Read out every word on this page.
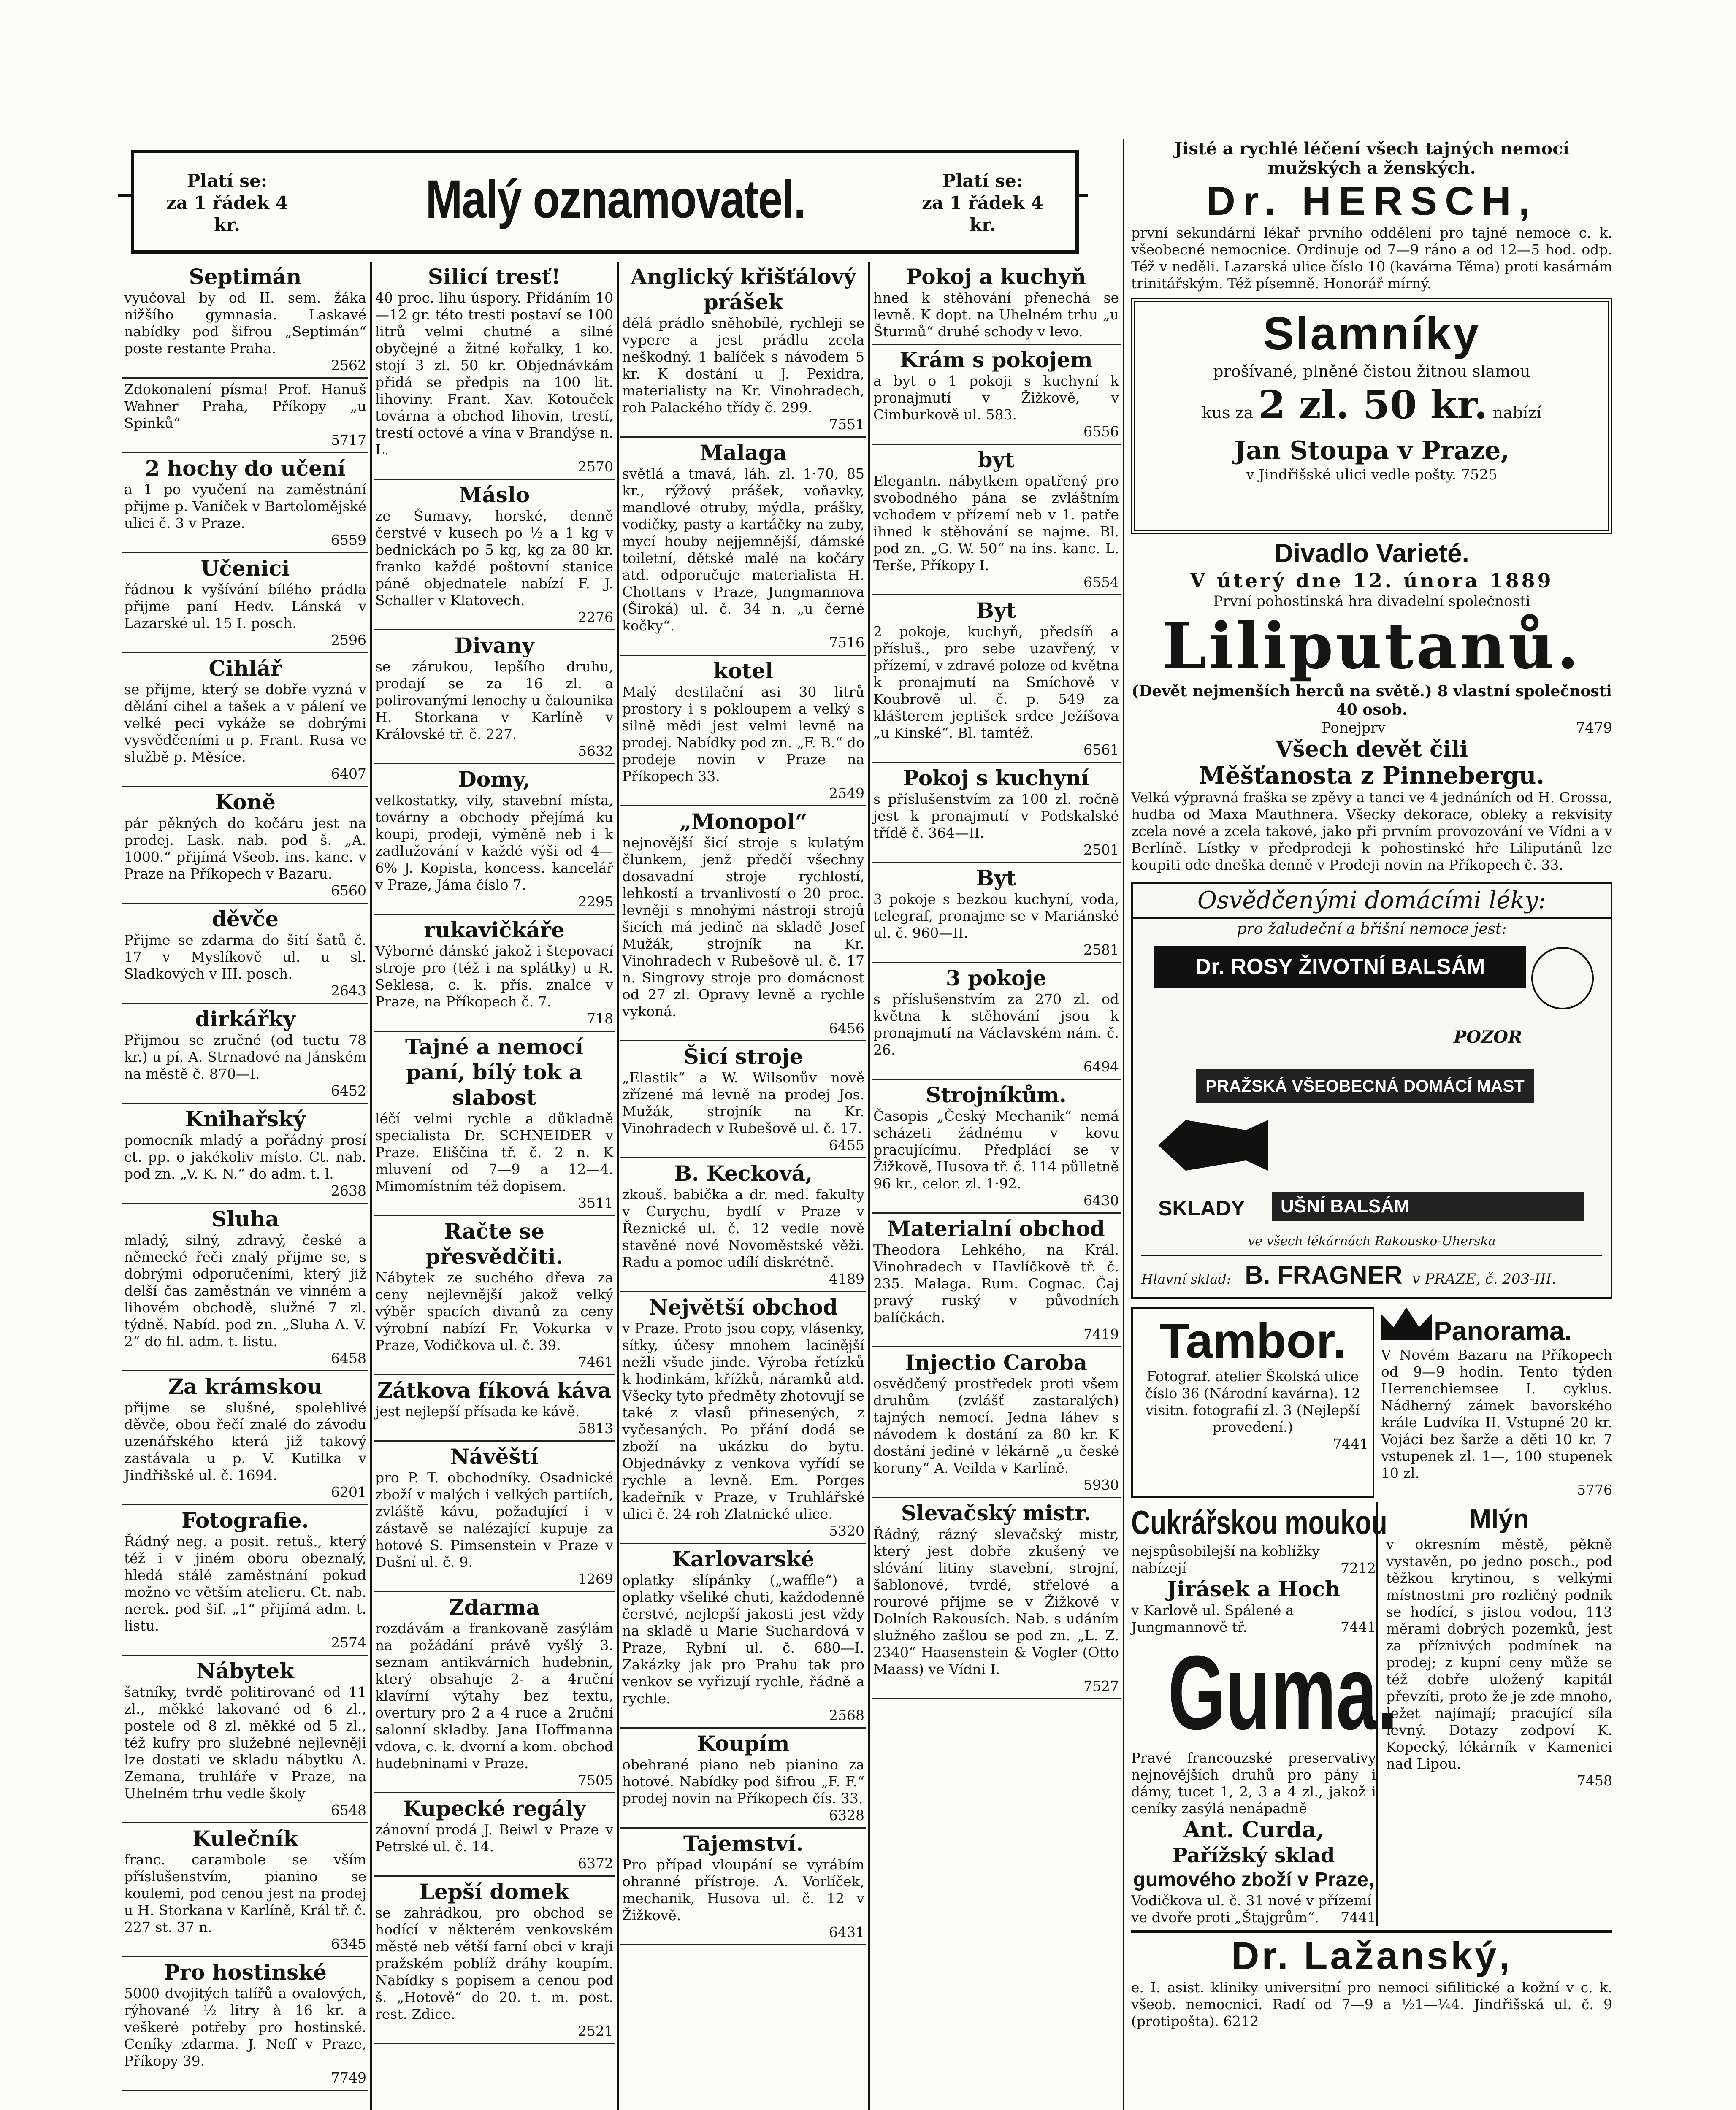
Platí se:
za 1 řádek 4 kr.	Malý oznamovatel.	Platí se:
za 1 řádek 4 kr.
Septimán

vyučoval by od II. sem. žáka nižšího gymnasia. Laskavé nabídky pod šifrou „Septimán“ poste restante Praha.

2562

Zdokonalení písma! Prof. Hanuš Wahner Praha, Příkopy „u Spinků“

5717
2 hochy do učení

a 1 po vyučení na zaměstnání přijme p. Vaníček v Bartolomějské ulici č. 3 v Praze.

6559
Učenici

řádnou k vyšívání bílého prádla přijme paní Hedv. Lánská v Lazarské ul. 15 I. posch.

2596
Cihlář

se přijme, který se dobře vyzná v dělání cihel a tašek a v pálení ve velké peci vykáže se dobrými vysvědčeními u p. Frant. Rusa ve službě p. Měsíce.

6407
Koně

pár pěkných do kočáru jest na prodej. Lask. nab. pod š. „A. 1000.“ přijímá Všeob. ins. kanc. v Praze na Příkopech v Bazaru.

6560
děvče

Přijme se zdarma do šití šatů č. 17 v Myslíkově ul. u sl. Sladkových v III. posch.

2643
dirkářky

Přijmou se zručné (od tuctu 78 kr.) u pí. A. Strnadové na Jánském na městě č. 870—I.

6452
Knihařský

pomocník mladý a pořádný prosí ct. pp. o jakékoliv místo. Ct. nab. pod zn. „V. K. N.“ do adm. t. l.

2638
Sluha

mladý, silný, zdravý, české a německé řeči znalý přijme se, s dobrými odporučeními, který již delší čas zaměstnán ve vinném a lihovém obchodě, služné 7 zl. týdně. Nabíd. pod zn. „Sluha A. V. 2“ do fil. adm. t. listu.

6458
Za krámskou

přijme se slušné, spolehlivé děvče, obou řečí znalé do závodu uzenářského která již takový zastávala u p. V. Kutilka v Jindřišské ul. č. 1694.

6201
Fotografie.

Řádný neg. a posit. retuš., který též i v jiném oboru obeznalý, hledá stálé zaměstnání pokud možno ve větším atelieru. Ct. nab. nerek. pod šif. „1“ přijímá adm. t. listu.

2574
Nábytek

šatníky, tvrdě politirované od 11 zl., měkké lakované od 6 zl., postele od 8 zl. měkké od 5 zl., též kufry pro služebné nejlevněji lze dostati ve skladu nábytku A. Zemana, truhláře v Praze, na Uhelném trhu vedle školy

6548
Kulečník

franc. carambole se vším příslušenstvím, pianino se koulemi, pod cenou jest na prodej u H. Storkana v Karlíně, Král tř. č. 227 st. 37 n.

6345
Pro hostinské

5000 dvojitých talířů a ovalových, rýhované ½ litry à 16 kr. a veškeré potřeby pro hostinské. Ceníky zdarma. J. Neff v Praze, Příkopy 39.

7749
Silicí tresť!

40 proc. lihu úspory. Přidáním 10—12 gr. této tresti postaví se 100 litrů velmi chutné a silné obyčejné a žitné kořalky, 1 ko. stojí 3 zl. 50 kr. Objednávkám přidá se předpis na 100 lit. lihoviny. Frant. Xav. Kotouček továrna a obchod lihovin, trestí, trestí octové a vína v Brandýse n. L.

2570
Máslo

ze Šumavy, horské, denně čerstvé v kusech po ½ a 1 kg v bednickách po 5 kg, kg za 80 kr. franko každé poštovní stanice páně objednatele nabízí F. J. Schaller v Klatovech.

2276
Divany

se zárukou, lepšího druhu, prodají se za 16 zl. a polirovanými lenochy u čalounika H. Storkana v Karlíně v Královské tř. č. 227.

5632
Domy,

velkostatky, vily, stavební místa, továrny a obchody přejímá ku koupi, prodeji, výměně neb i k zadlužování v každé výši od 4—6% J. Kopista, koncess. kancelář v Praze, Jáma číslo 7.

2295
rukavičkáře

Výborné dánské jakož i štepovací stroje pro (též i na splátky) u R. Seklesa, c. k. přís. znalce v Praze, na Příkopech č. 7.

718
Tajné a nemocí paní, bílý tok a slabost

léčí velmi rychle a důkladně specialista Dr. SCHNEIDER v Praze. Eliščina tř. č. 2 n. K mluvení od 7—9 a 12—4. Mimomístním též dopisem.

3511
Račte se přesvědčiti.

Nábytek ze suchého dřeva za ceny nejlevnější jakož velký výběr spacích divanů za ceny výrobní nabízí Fr. Vokurka v Praze, Vodičkova ul. č. 39.

7461
Zátkova fíková káva

jest nejlepší přísada ke kávě.

5813
Návěští

pro P. T. obchodníky. Osadnické zboží v malých i velkých partiích, zvláště kávu, požadující i v zástavě se nalézající kupuje za hotové S. Pimsenstein v Praze v Dušní ul. č. 9.

1269
Zdarma

rozdávám a frankovaně zasýlám na požádání právě vyšlý 3. seznam antikvárních hudebnin, který obsahuje 2- a 4ruční klavírní výtahy bez textu, overtury pro 2 a 4 ruce a 2ruční salonní skladby. Jana Hoffmanna vdova, c. k. dvorní a kom. obchod hudebninami v Praze.

7505
Kupecké regály

zánovní prodá J. Beiwl v Praze v Petrské ul. č. 14.

6372
Lepší domek

se zahrádkou, pro obchod se hodící v některém venkovském městě neb větší farní obci v kraji pražském poblíž dráhy koupím. Nabídky s popisem a cenou pod š. „Hotově“ do 20. t. m. post. rest. Zdice.

2521
Anglický křišťálový prášek

dělá prádlo sněhobílé, rychleji se vypere a jest prádlu zcela neškodný. 1 balíček s návodem 5 kr. K dostání u J. Pexidra, materialisty na Kr. Vinohradech, roh Palackého třídy č. 299.

7551
Malaga

světlá a tmavá, láh. zl. 1·70, 85 kr., rýžový prášek, voňavky, mandlové otruby, mýdla, prášky, vodičky, pasty a kartáčky na zuby, mycí houby nejjemnější, dámské toiletní, dětské malé na kočáry atd. odporučuje materialista H. Chottans v Praze, Jungmannova (Široká) ul. č. 34 n. „u černé kočky“.

7516
kotel

Malý destilační asi 30 litrů prostory i s pokloupem a velký s silně mědi jest velmi levně na prodej. Nabídky pod zn. „F. B.“ do prodeje novin v Praze na Příkopech 33.

2549
„Monopol“

nejnovější šicí stroje s kulatým člunkem, jenž předčí všechny dosavadní stroje rychlostí, lehkostí a trvanlivostí o 20 proc. levněji s mnohými nástroji strojů šicích má jedině na skladě Josef Mužák, strojník na Kr. Vinohradech v Rubešově ul. č. 17 n. Singrovy stroje pro domácnost od 27 zl. Opravy levně a rychle vykoná.

6456
Šicí stroje

„Elastik“ a W. Wilsonův nově zřízené má levně na prodej Jos. Mužák, strojník na Kr. Vinohradech v Rubešově ul. č. 17.

6455
B. Kecková,

zkouš. babička a dr. med. fakulty v Curychu, bydlí v Praze v Řeznické ul. č. 12 vedle nově stavěné nové Novoměstské věži. Radu a pomoc udílí diskrétně.

4189
Největší obchod

v Praze. Proto jsou copy, vlásenky, sítky, účesy mnohem lacinější nežli všude jinde. Výroba řetízků k hodinkám, křížků, náramků atd. Všecky tyto předměty zhotovují se také z vlasů přinesených, z vyčesaných. Po přání dodá se zboží na ukázku do bytu. Objednávky z venkova vyřídí se rychle a levně. Em. Porges kadeřník v Praze, v Truhlářské ulici č. 24 roh Zlatnické ulice.

5320
Karlovarské

oplatky slípánky („waffle“) a oplatky všeliké chuti, každodenně čerstvé, nejlepší jakosti jest vždy na skladě u Marie Suchardová v Praze, Rybní ul. č. 680—I. Zakázky jak pro Prahu tak pro venkov se vyřizují rychle, řádně a rychle.

2568
Koupím

obehrané piano neb pianino za hotové. Nabídky pod šifrou „F. F.“ prodej novin na Příkopech čís. 33.

6328
Tajemství.

Pro případ vloupání se vyrábím ohranné přístroje. A. Vorlíček, mechanik, Husova ul. č. 12 v Žižkově.

6431
Pokoj a kuchyň

hned k stěhování přenechá se levně. K dopt. na Uhelném trhu „u Šturmů“ druhé schody v levo.

Krám s pokojem

a byt o 1 pokoji s kuchyní k pronajmutí v Žižkově, v Cimburkově ul. 583.

6556
byt

Elegantn. nábytkem opatřený pro svobodného pána se zvláštním vchodem v přízemí neb v 1. patře ihned k stěhování se najme. Bl. pod zn. „G. W. 50“ na ins. kanc. L. Terše, Příkopy I.

6554
Byt

2 pokoje, kuchyň, předsíň a přísluš., pro sebe uzavřený, v přízemí, v zdravé poloze od května k pronajmutí na Smíchově v Koubrově ul. č. p. 549 za klášterem jeptišek srdce Ježíšova „u Kinské“. Bl. tamtéž.

6561
Pokoj s kuchyní

s příslušenstvím za 100 zl. ročně jest k pronajmutí v Podskalské třídě č. 364—II.

2501
Byt

3 pokoje s bezkou kuchyní, voda, telegraf, pronajme se v Mariánské ul. č. 960—II.

2581
3 pokoje

s příslušenstvím za 270 zl. od května k stěhování jsou k pronajmutí na Václavském nám. č. 26.

6494
Strojníkům.

Časopis „Český Mechanik“ nemá scházeti žádnému v kovu pracujícímu. Předplácí se v Žižkově, Husova tř. č. 114 půlletně 96 kr., celor. zl. 1·92.

6430
Materialní obchod

Theodora Lehkého, na Král. Vinohradech v Havlíčkově tř. č. 235. Malaga. Rum. Cognac. Čaj pravý ruský v původních balíčkách.

7419
Injectio Caroba

osvědčený prostředek proti všem druhům (zvlášť zastaralých) tajných nemocí. Jedna láhev s návodem k dostání za 80 kr. K dostání jediné v lékárně „u české koruny“ A. Veilda v Karlíně.

5930
Slevačský mistr.

Řádný, rázný slevačský mistr, který jest dobře zkušený ve slévání litiny stavební, strojní, šablonové, tvrdé, střelové a rourové přijme se v Žižkově v Dolních Rakousích. Nab. s udáním služného zašlou se pod zn. „L. Z. 2340“ Haasenstein & Vogler (Otto Maass) ve Vídni I.

7527
Jisté a rychlé léčení všech tajných nemocí mužských a ženských.
Dr. HERSCH,
první sekundární lékař prvního oddělení pro tajné nemoce c. k. všeobecné nemocnice. Ordinuje od 7—9 ráno a od 12—5 hod. odp. Též v neděli. Lazarská ulice číslo 10 (kavárna Těma) proti kasárnám trinitářským. Též písemně. Honorář mírný.
Slamníky
prošívané, plněné čistou žitnou slamou
kus za 2 zl. 50 kr. nabízí
Jan Stoupa v Praze,
v Jindřišské ulici vedle pošty. 7525
Divadlo Varieté.
V úterý dne 12. února 1889
První pohostinská hra divadelní společnosti
Liliputanů.
(Devět nejmenších herců na světě.) 8 vlastní společnosti 40 osob.
Ponejprv	7479
Všech devět čili
Měšťanosta z Pinnebergu.
Velká výpravná fraška se zpěvy a tanci ve 4 jednáních od H. Grossa, hudba od Maxa Mauthnera. Všecky dekorace, obleky a rekvisity zcela nové a zcela takové, jako při prvním provozování ve Vídni a v Berlíně. Lístky v předprodeji k pohostinské hře Liliputánů lze koupiti ode dneška denně v Prodeji novin na Příkopech č. 33.
Osvědčenými domácími léky:
pro žaludeční a břišní nemoce jest:
Dr. ROSY ŽIVOTNÍ BALSÁM
POZOR
PRAŽSKÁ VŠEOBECNÁ DOMÁCÍ MAST
SKLADY	UŠNÍ BALSÁM
ve všech lékárnách Rakousko-Uherska
Hlavní sklad: B. FRAGNER v PRAZE, č. 203-III.
Tambor.
Fotograf. atelier Školská ulice číslo 36 (Národní kavárna). 12 visitn. fotografií zl. 3 (Nejlepší provedení.)
7441
Panorama.
V Novém Bazaru na Příkopech od 9—9 hodin. Tento týden Herrenchiemsee I. cyklus. Nádherný zámek bavorského krále Ludvíka II. Vstupné 20 kr. Vojáci bez šarže a děti 10 kr. 7 vstupenek zl. 1—, 100 stupenek 10 zl.
5776
Cukrářskou moukou
nejspůsobilejší na koblížky nabízejí	7212
Jirásek a Hoch
v Karlově ul. Spálené a Jungmannově tř.	7441
Guma.
Pravé francouzské preservativy nejnovějších druhů pro pány i dámy, tucet 1, 2, 3 a 4 zl., jakož i ceníky zasýlá nenápadně
Ant. Curda,
Pařížský sklad
gumového zboží v Praze,
Vodičkova ul. č. 31 nové v přízemí ve dvoře proti „Štajgrům“. 7441
Mlýn
v okresním městě, pěkně vystavěn, po jedno posch., pod těžkou krytinou, s velkými místnostmi pro rozličný podnik se hodící, s jistou vodou, 113 měrami dobrých pozemků, jest za příznivých podmínek na prodej; z kupní ceny může se též dobře uložený kapitál převzíti, proto že je zde mnoho, ležet najímají; pracující síla levný. Dotazy zodpoví K. Kopecký, lékárník v Kamenici nad Lipou.
7458
Dr. Lažanský,
e. I. asist. kliniky universitní pro nemoci sifilitické a kožní v c. k. všeob. nemocnici. Radí od 7—9 a ½1—¼4. Jindřišská ul. č. 9 (protipošta). 6212
